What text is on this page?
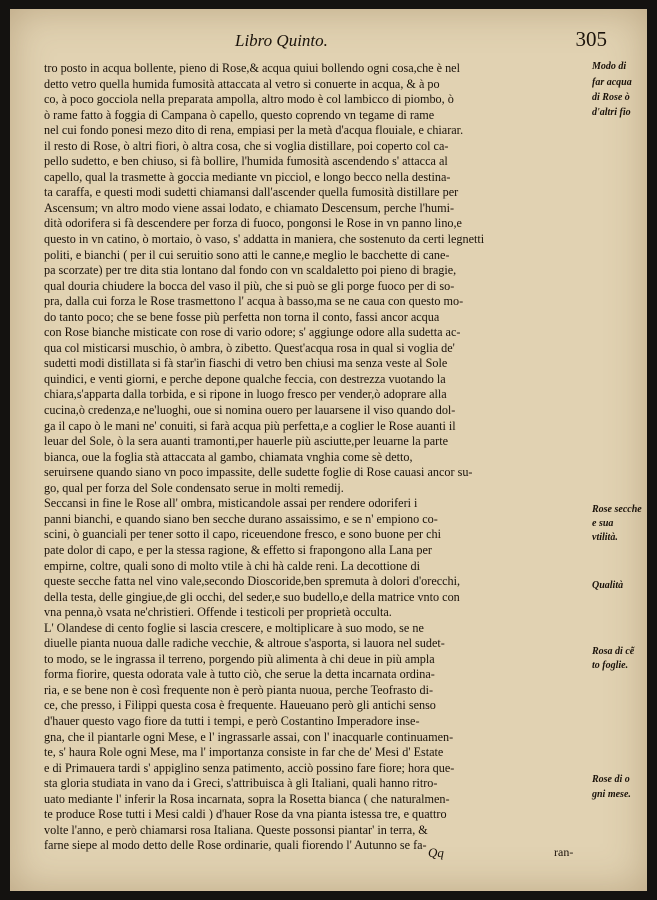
Libro Quinto.	305
tro posto in acqua bollente, pieno di Rose,& acqua quiui bollendo ogni cosa,che è nel
detto vetro quella humida fumosità attaccata al vetro si conuerte in acqua, & à po
co, à poco gocciola nella preparata ampolla, altro modo è col lambicco di piombo, ò
ò rame fatto à foggia di Campana ò capello, questo coprendo vn tegame di rame
nel cui fondo ponesi mezo dito di rena, empiasi per la metà d'acqua flouiale, e chiarar.
il resto di Rose, ò altri fiori, ò altra cosa, che si voglia distillare, poi coperto col ca-
pello sudetto, e ben chiuso, si fà bollire, l'humida fumosità ascendendo s' attacca al
capello, qual la trasmette à goccia mediante vn picciol, e longo becco nella destina-
ta caraffa, e questi modi sudetti chiamansi dall'ascender quella fumosità distillare per
Ascensum; vn altro modo viene assai lodato, e chiamato Descensum, perche l'humi-
dità odorifera si fà descendere per forza di fuoco, pongonsi le Rose in vn panno lino,e
questo in vn catino, ò mortaio, ò vaso, s' addatta in maniera, che sostenuto da certi legnetti
politi, e bianchi ( per il cui seruitio sono atti le canne,e meglio le bacchette di cane-
pa scorzate) per tre dita stia lontano dal fondo con vn scaldaletto poi pieno di bragie,
qual douria chiudere la bocca del vaso il più, che si può se gli porge fuoco per di so-
pra, dalla cui forza le Rose trasmettono l' acqua à basso,ma se ne caua con questo mo-
do tanto poco; che se bene fosse più perfetta non torna il conto, fassi ancor acqua
con Rose bianche misticate con rose di vario odore; s' aggiunge odore alla sudetta ac-
qua col misticarsi muschio, ò ambra, ò zibetto. Quest'acqua rosa in qual si voglia de'
sudetti modi distillata si fà star'in fiaschi di vetro ben chiusi ma senza veste al Sole
quindici, e venti giorni, e perche depone qualche feccia, con destrezza vuotando la
chiara,s'apparta dalla torbida, e si ripone in luogo fresco per vender,ò adoprare alla
cucina,ò credenza,e ne'luoghi, oue si nomina ouero per lauarsene il viso quando dol-
ga il capo ò le mani ne' conuiti, si farà acqua più perfetta,e a coglier le Rose auanti il
leuar del Sole, ò la sera auanti tramonti,per hauerle più asciutte,per leuarne la parte
bianca, oue la foglia stà attaccata al gambo, chiamata vnghia come sè detto,
seruirsene quando siano vn poco impassite, delle sudette foglie di Rose cauasi ancor su-
go, qual per forza del Sole condensato serue in molti remedij.
Seccansi in fine le Rose all' ombra, misticandole assai per rendere odoriferi i
panni bianchi, e quando siano ben secche durano assaissimo, e se n' empiono co-
scini, ò guanciali per tener sotto il capo, riceuendone fresco, e sono buone per chi
pate dolor di capo, e per la stessa ragione, & effetto si frapongono alla Lana per
empirne, coltre, quali sono di molto vtile à chi hà calde reni. La decottione di
queste secche fatta nel vino vale,secondo Dioscoride,ben spremuta à dolori d'orecchi,
della testa, delle gingiue,de gli occhi, del seder,e suo budello,e della matrice vnto con
vna penna,ò vsata ne'christieri. Offende i testicoli per proprietà occulta.
L' Olandese di cento foglie si lascia crescere, e moltiplicare à suo modo, se ne
diuelle pianta nuoua dalle radiche vecchie, & altroue s'asporta, si lauora nel sudet-
to modo, se le ingrassa il terreno, porgendo più alimenta à chi deue in più ampla
forma fiorire, questa odorata vale à tutto ciò, che serue la detta incarnata ordina-
ria, e se bene non è così frequente non è però pianta nuoua, perche Teofrasto di-
ce, che presso, i Filippi questa cosa è frequente. Haueuano però gli antichi senso
d'hauer questo vago fiore da tutti i tempi, e però Costantino Imperadore inse-
gna, che il piantarle ogni Mese, e l' ingrassarle assai, con l' inacquarle continuamen-
te, s' haura Role ogni Mese, ma l' importanza consiste in far che de' Mesi d' Estate
e di Primauera tardi s' appiglino senza patimento, acciò possino fare fiore; hora que-
sta gloria studiata in vano da i Greci, s'attribuisca à gli Italiani, quali hanno ritro-
uato mediante l' inferir la Rosa incarnata, sopra la Rosetta bianca ( che naturalmen-
te produce Rose tutti i Mesi caldi ) d'hauer Rose da vna pianta istessa tre, e quattro
volte l'anno, e però chiamarsi rosa Italiana. Queste possonsi piantar' in terra, &
farne siepe al modo detto delle Rose ordinarie, quali fiorendo l' Autunno se fa-
Modo di
far acqua
di Rose ò
d'altri fio
Rose secche
e sua
vtilità.
Qualità
Rosa di cẽ
to foglie.
Rose di o
gni mese.
Qq	ran-
